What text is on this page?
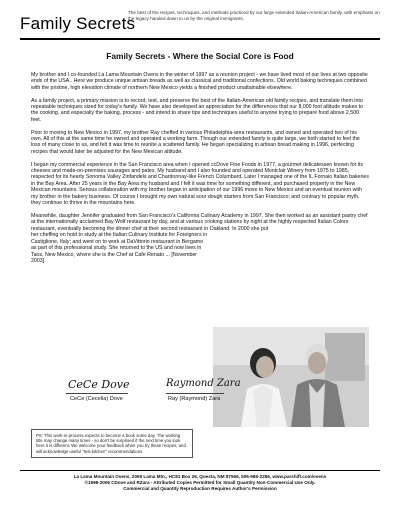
Family Secrets
The best of the recipes, techniques, and methods practiced by our large extended Italian-American family, with emphasis on the legacy handed down to us by the original immigrants.
Family Secrets - Where the Social Core is Food

My brother and I co-founded La Lama Mountain Ovens in the winter of 1997 as a reunion project - we have lived most of our lives at two opposite ends of the USA.. Here we produce unique artisan breads as well as classical and traditional confections. Old world baking techniques combined with the pristine, high elevation climate of northern New Mexico yields a finished product unattainable elsewhere.

As a family project, a primary mission is to record, test, and preserve the best of the Italian-American old family recipes, and translate them into repeatable techniques sized for today's family. We have also developed an appreciation for the differences that our 8,000 foot altitude makes to the cooking, and especially the baking, process - and intend to share tips and techniques useful to anyone trying to prepare food above 2,500 feet.

Prior to moving to New Mexico in 1997, my brother Ray cheffed in various Philadelphia-area restaurants, and owned and operated two of his own. All of this at the same time he owned and operated a working farm. Though our extended family is quite large, we both started to feel the loss of many close to us, and felt it was time to reunite a scattered family. He began specializing in artisan bread making in 1996, perfecting recipes that would later be adjusted for the New Mexican altitude.

I began my commercial experience in the San Francisco area when I opened ccDove Fine Foods in 1977, a gourmet delicatessen known for its cheeses and made-on-premises sausages and pates. My husband and I also founded and operated Montclair Winery from 1975 to 1985, respected for its hearty Sonoma Valley Zinfandels and Chardonnay-like French Columbard. Later I managed one of the IL Fornaio Italian bakeries in the Bay Area. After 25 years in the Bay Area my husband and I felt it was time for something different, and purchased property in the New Mexican mountains. Serious collaboration with my brother began in anticipation of our 1996 move to New Mexico and an eventual reunion with my brother in the bakery business. Of course I brought my own natural sour dough starters from San Francisco; and contrary to popular myth, they continue to thrive in the mountains here.

Meanwhile, daughter Jennifer graduated from San Francisco's California Culinary Academy in 1997. She then worked as an assistant pastry chef at the internationally acclaimed Bay Wolf restaurant by day, and at various cooking stations by night at the highly respected Italian Colors restaurant, eventually becoming the dinner chef at their second restaurant in Oakland. In 2000 she put

her cheffing on hold to study at the Italian Culinary Institute for Foreigners in Castiglione, Italy; and went on to work at DaVittorio restaurant in Bergamo as part of this professional study. She returned to the US and now lives in Taos, New Mexico, where she is the Chef at Cafe Renato ... [November 2003].

CeCe Dove	Raymond Zara
CeCe (Cecelia) Dove	Ray (Raymond) Zara
PS: This work-in-process expects to become a book some day. The working title may change many times - so don't be surprised if the next time you look here it is different. We welcome your feedback when you try these recipes, and will acknowledge useful "test kitchen" recommendations.
La Lama Mountain Ovens, 2065 Lama Mtn., HC81 Box 26, Questa, NM 87556, 505-586-2286, www.parshift.com/ovens
©1998-2006 CDove and RZara - Attributed Copies Permitted for Small Quantity Non-Commercial Use Only.
Commercial and Quantity Reproduction Requires Author's Permission
